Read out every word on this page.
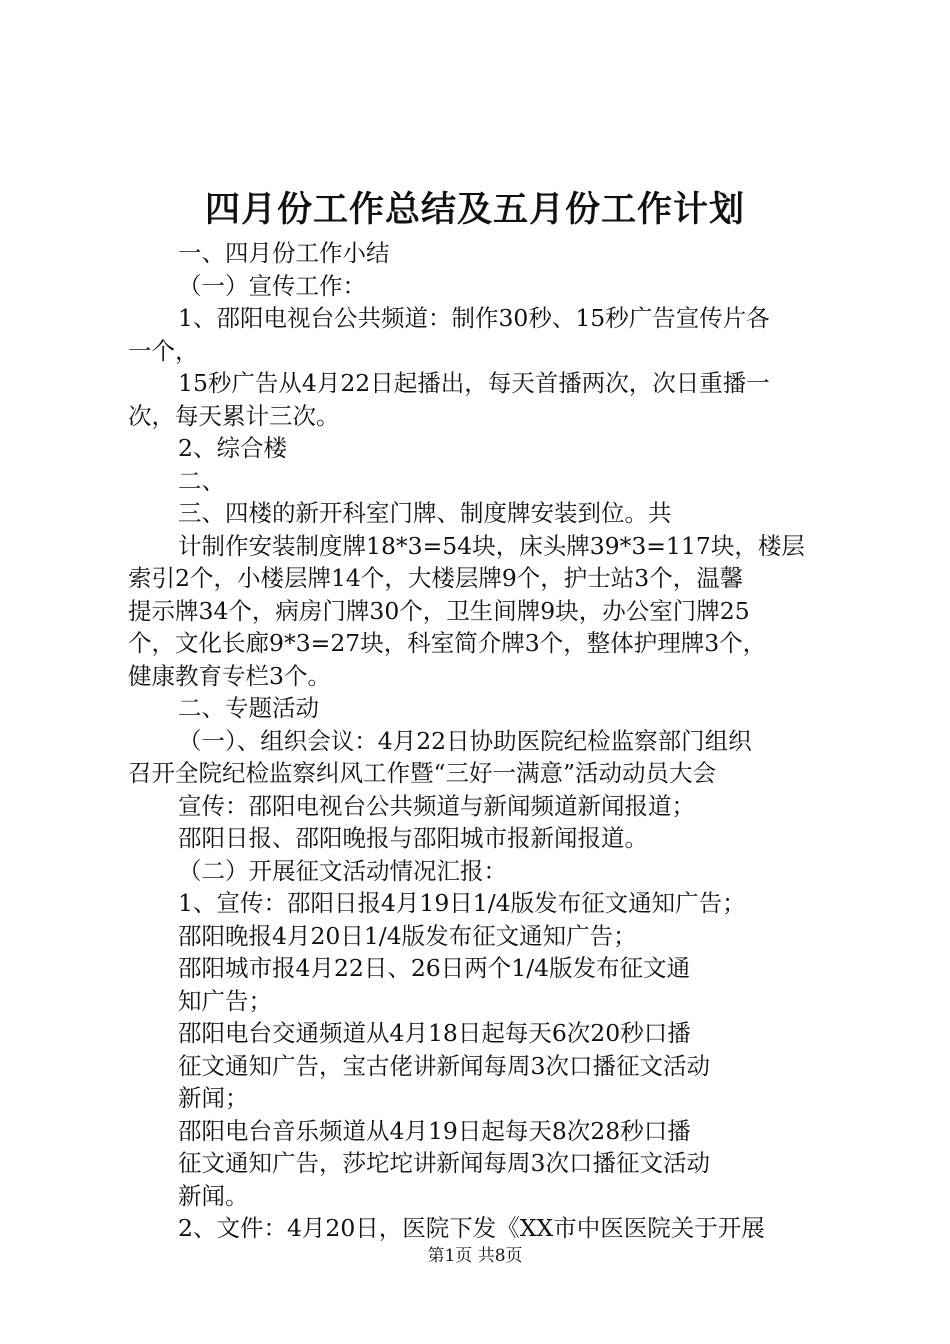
四月份工作总结及五月份工作计划

一、四月份工作小结

（一）宣传工作：

1、邵阳电视台公共频道：制作30秒、15秒广告宣传片各

一个，

15秒广告从4月22日起播出，每天首播两次，次日重播一

次，每天累计三次。

2、综合楼

二、

三、四楼的新开科室门牌、制度牌安装到位。共

计制作安装制度牌18*3=54块，床头牌39*3=117块，楼层

索引2个，小楼层牌14个，大楼层牌9个，护士站3个，温馨

提示牌34个，病房门牌30个，卫生间牌9块，办公室门牌25

个，文化长廊9*3=27块，科室简介牌3个，整体护理牌3个，

健康教育专栏3个。

二、专题活动

（一）、组织会议：4月22日协助医院纪检监察部门组织

召开全院纪检监察纠风工作暨“三好一满意”活动动员大会

宣传：邵阳电视台公共频道与新闻频道新闻报道；

邵阳日报、邵阳晚报与邵阳城市报新闻报道。

（二）开展征文活动情况汇报：

1、宣传：邵阳日报4月19日1/4版发布征文通知广告；

邵阳晚报4月20日1/4版发布征文通知广告；

邵阳城市报4月22日、26日两个1/4版发布征文通

知广告；

邵阳电台交通频道从4月18日起每天6次20秒口播

征文通知广告，宝古佬讲新闻每周3次口播征文活动

新闻；

邵阳电台音乐频道从4月19日起每天8次28秒口播

征文通知广告，莎坨坨讲新闻每周3次口播征文活动

新闻。

2、文件：4月20日，医院下发《XX市中医医院关于开展

第1页 共8页
